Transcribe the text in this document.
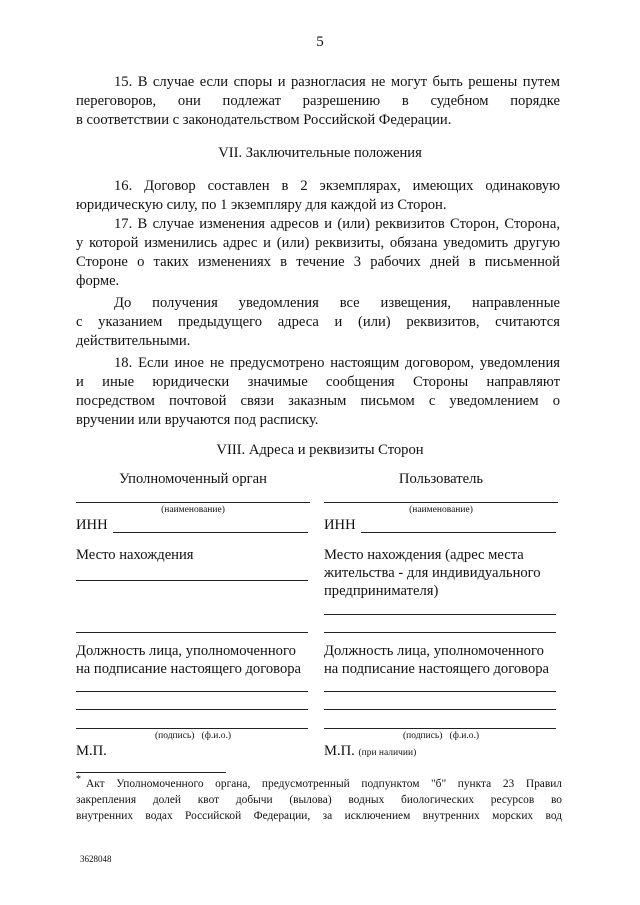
5
15. В случае если споры и разногласия не могут быть решены путем
переговоров, они подлежат разрешению в судебном порядке
в соответствии с законодательством Российской Федерации.
VII. Заключительные положения
16. Договор составлен в 2 экземплярах, имеющих одинаковую
юридическую силу, по 1 экземпляру для каждой из Сторон.
17. В случае изменения адресов и (или) реквизитов Сторон, Сторона,
у которой изменились адрес и (или) реквизиты, обязана уведомить другую
Стороне о таких изменениях в течение 3 рабочих дней в письменной
форме.
До получения уведомления все извещения, направленные
с указанием предыдущего адреса и (или) реквизитов, считаются
действительными.
18. Если иное не предусмотрено настоящим договором, уведомления
и иные юридически значимые сообщения Стороны направляют
посредством почтовой связи заказным письмом с уведомлением о
вручении или вручаются под расписку.
VIII. Адреса и реквизиты Сторон
Уполномоченный орган
(наименование)
ИНН
Место нахождения
Должность лица, уполномоченного
на подписание настоящего договора
(подпись)   (ф.и.о.)
М.П.
Пользователь
(наименование)
ИНН
Место нахождения (адрес места
жительства - для индивидуального
предпринимателя)
Должность лица, уполномоченного
на подписание настоящего договора
(подпись)   (ф.и.о.)
М.П. (при наличии)
* Акт Уполномоченного органа, предусмотренный подпунктом "б" пункта 23 Правил
закрепления долей квот добычи (вылова) водных биологических ресурсов во
внутренних водах Российской Федерации, за исключением внутренних морских вод
3628048
